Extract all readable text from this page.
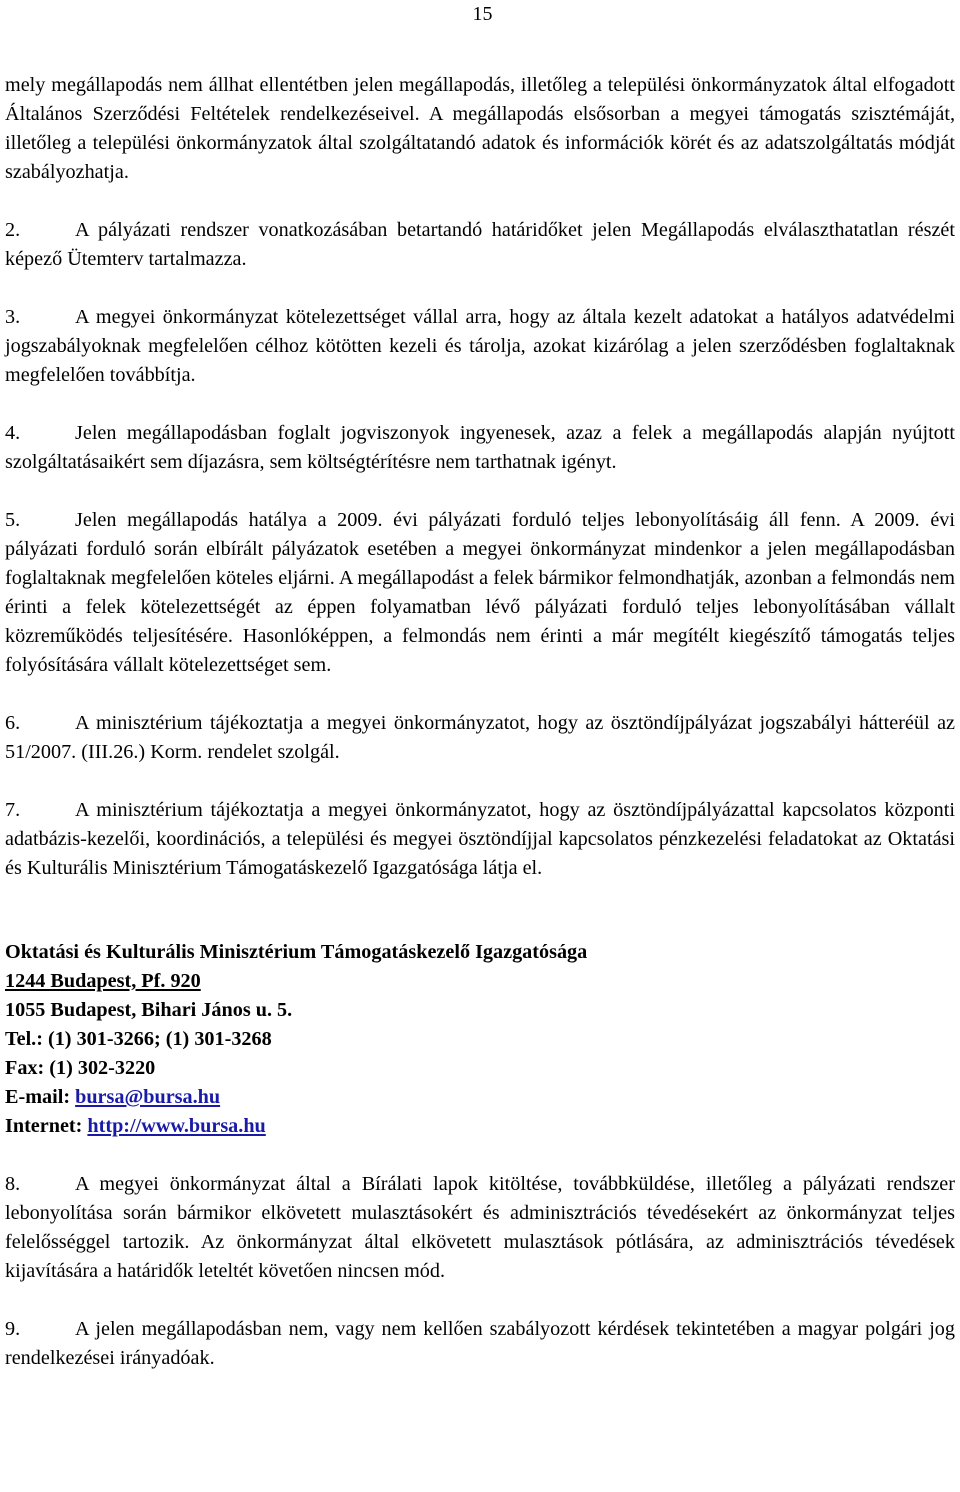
15

mely megállapodás nem állhat ellentétben jelen megállapodás, illetőleg a települési önkormányzatok által elfogadott Általános Szerződési Feltételek rendelkezéseivel. A megállapodás elsősorban a megyei támogatás szisztémáját, illetőleg a települési önkormányzatok által szolgáltatandó adatok és információk körét és az adatszolgáltatás módját szabályozhatja.

2.	A pályázati rendszer vonatkozásában betartandó határidőket jelen Megállapodás elválaszthatatlan részét képező Ütemterv tartalmazza.

3.	A megyei önkormányzat kötelezettséget vállal arra, hogy az általa kezelt adatokat a hatályos adatvédelmi jogszabályoknak megfelelően célhoz kötötten kezeli és tárolja, azokat kizárólag a jelen szerződésben foglaltaknak megfelelően továbbítja.

4.	Jelen megállapodásban foglalt jogviszonyok ingyenesek, azaz a felek a megállapodás alapján nyújtott szolgáltatásaikért sem díjazásra, sem költségtérítésre nem tarthatnak igényt.

5.	Jelen megállapodás hatálya a 2009. évi pályázati forduló teljes lebonyolításáig áll fenn. A 2009. évi pályázati forduló során elbírált pályázatok esetében a megyei önkormányzat mindenkor a jelen megállapodásban foglaltaknak megfelelően köteles eljárni. A megállapodást a felek bármikor felmondhatják, azonban a felmondás nem érinti a felek kötelezettségét az éppen folyamatban lévő pályázati forduló teljes lebonyolításában vállalt közreműködés teljesítésére. Hasonlóképpen, a felmondás nem érinti a már megítélt kiegészítő támogatás teljes folyósítására vállalt kötelezettséget sem.

6.	A minisztérium tájékoztatja a megyei önkormányzatot, hogy az ösztöndíjpályázat jogszabályi hátteréül az 51/2007. (III.26.) Korm. rendelet szolgál.

7.	A minisztérium tájékoztatja a megyei önkormányzatot, hogy az ösztöndíjpályázattal kapcsolatos központi adatbázis-kezelői, koordinációs, a települési és megyei ösztöndíjjal kapcsolatos pénzkezelési feladatokat az Oktatási és Kulturális Minisztérium Támogatáskezelő Igazgatósága látja el.

Oktatási és Kulturális Minisztérium Támogatáskezelő Igazgatósága
1244 Budapest, Pf. 920
1055 Budapest, Bihari János u. 5.
Tel.: (1) 301-3266; (1) 301-3268
Fax: (1) 302-3220
E-mail: bursa@bursa.hu
Internet: http://www.bursa.hu

8.	A megyei önkormányzat által a Bírálati lapok kitöltése, továbbküldése, illetőleg a pályázati rendszer lebonyolítása során bármikor elkövetett mulasztásokért és adminisztrációs tévedésekért az önkormányzat teljes felelősséggel tartozik. Az önkormányzat által elkövetett mulasztások pótlására, az adminisztrációs tévedések kijavítására a határidők leteltét követően nincsen mód.

9.	A jelen megállapodásban nem, vagy nem kellően szabályozott kérdések tekintetében a magyar polgári jog rendelkezései irányadóak.
